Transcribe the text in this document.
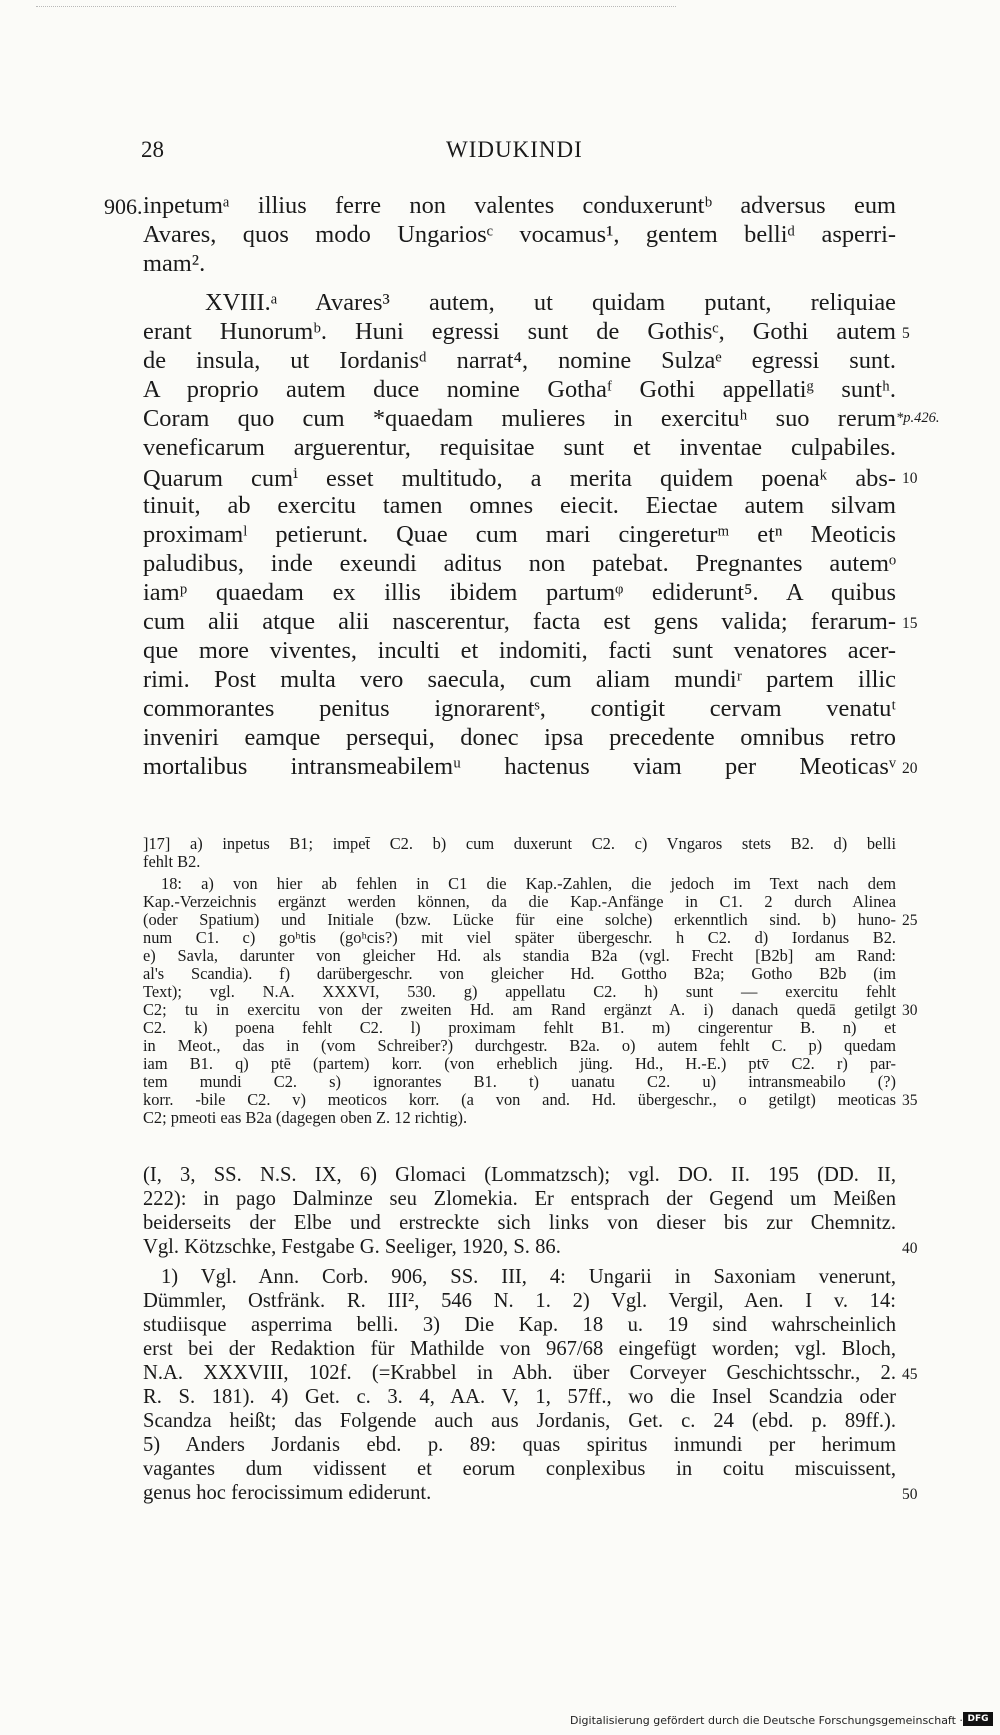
28	WIDUKINDI
906.
*p.426.
inpetumᵃ illius ferre non valentes conduxeruntᵇ adversus eum
Avares, quos modo Ungariosᶜ vocamus¹, gentem belliᵈ asperri-
mam².
XVIII.ᵃ Avares³ autem, ut quidam putant, reliquiae
erant Hunorumᵇ. Huni egressi sunt de Gothisᶜ, Gothi autem
de insula, ut Iordanisᵈ narrat⁴, nomine Sulzaᵉ egressi sunt.
A proprio autem duce nomine Gothaᶠ Gothi appellatiᵍ suntʰ.
Coram quo cum *quaedam mulieres in exercituʰ suo rerum
veneficarum arguerentur, requisitae sunt et inventae culpabiles.
Quarum cumⁱ esset multitudo, a merita quidem poenaᵏ abs-
tinuit, ab exercitu tamen omnes eiecit. Eiectae autem silvam
proximamˡ petierunt. Quae cum mari cingereturᵐ etⁿ Meoticis
paludibus, inde exeundi aditus non patebat. Pregnantes autemᵒ
iamᵖ quaedam ex illis ibidem partumᵠ ediderunt⁵. A quibus
cum alii atque alii nascerentur, facta est gens valida; ferarum-
que more viventes, inculti et indomiti, facti sunt venatores acer-
rimi. Post multa vero saecula, cum aliam mundiʳ partem illic
commorantes penitus ignorarentˢ, contigit cervam venatuᵗ
inveniri eamque persequi, donec ipsa precedente omnibus retro
mortalibus intransmeabilemᵘ hactenus viam per Meoticasᵛ
5
10
15
20
]17] a) inpetus B1; impet̄ C2. b) cum duxerunt C2. c) Vngaros stets B2. d) belli
fehlt B2.
18: a) von hier ab fehlen in C1 die Kap.-Zahlen, die jedoch im Text nach dem
Kap.-Verzeichnis ergänzt werden können, da die Kap.-Anfänge in C1. 2 durch Alinea
(oder Spatium) und Initiale (bzw. Lücke für eine solche) erkenntlich sind. b) huno-
num C1. c) goʰtis (goʰcis?) mit viel später übergeschr. h C2. d) Iordanus B2.
e) Savla, darunter von gleicher Hd. als standia B2a (vgl. Frecht [B2b] am Rand:
al's Scandia). f) darübergeschr. von gleicher Hd. Gottho B2a; Gotho B2b (im
Text); vgl. N.A. XXXVI, 530. g) appellatu C2. h) sunt — exercitu fehlt
C2; tu in exercitu von der zweiten Hd. am Rand ergänzt A. i) danach quedā getilgt
C2. k) poena fehlt C2. l) proximam fehlt B1. m) cingerentur B. n) et
in Meot., das in (vom Schreiber?) durchgestr. B2a. o) autem fehlt C. p) quedam
iam B1. q) ptē (partem) korr. (von erheblich jüng. Hd., H.-E.) ptv̄ C2. r) par-
tem mundi C2. s) ignorantes B1. t) uanatu C2. u) intransmeabilo (?)
korr. -bile C2. v) meoticos korr. (a von and. Hd. übergeschr., o getilgt) meoticas
C2; pmeoti eas B2a (dagegen oben Z. 12 richtig).
25
30
35
(I, 3, SS. N.S. IX, 6) Glomaci (Lommatzsch); vgl. DO. II. 195 (DD. II,
222): in pago Dalminze seu Zlomekia. Er entsprach der Gegend um Meißen
beiderseits der Elbe und erstreckte sich links von dieser bis zur Chemnitz.
Vgl. Kötzschke, Festgabe G. Seeliger, 1920, S. 86.
1) Vgl. Ann. Corb. 906, SS. III, 4: Ungarii in Saxoniam venerunt,
Dümmler, Ostfränk. R. III², 546 N. 1. 2) Vgl. Vergil, Aen. I v. 14:
studiisque asperrima belli. 3) Die Kap. 18 u. 19 sind wahrscheinlich
erst bei der Redaktion für Mathilde von 967/68 eingefügt worden; vgl. Bloch,
N.A. XXXVIII, 102f. (=Krabbel in Abh. über Corveyer Geschichtsschr., 2.
R. S. 181). 4) Get. c. 3. 4, AA. V, 1, 57ff., wo die Insel Scandzia oder
Scandza heißt; das Folgende auch aus Jordanis, Get. c. 24 (ebd. p. 89ff.).
5) Anders Jordanis ebd. p. 89: quas spiritus inmundi per herimum
vagantes dum vidissent et eorum conplexibus in coitu miscuissent,
genus hoc ferocissimum ediderunt.
40
45
50
Digitalisierung gefördert durch die Deutsche Forschungsgemeinschaft · DFG
